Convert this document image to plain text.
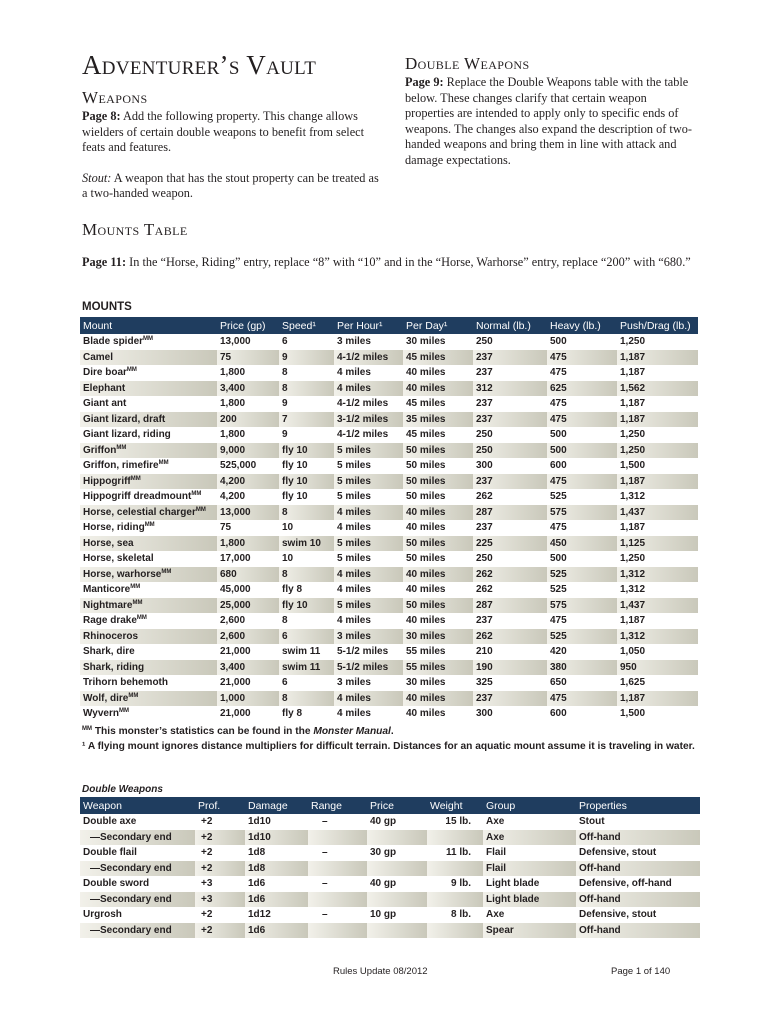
Adventurer’s Vault
Weapons

Page 8: Add the following property. This change allows wielders of certain double weapons to benefit from select feats and features.

Stout: A weapon that has the stout property can be treated as a two-handed weapon.

Double Weapons

Page 9: Replace the Double Weapons table with the table below. These changes clarify that certain weapon properties are intended to apply only to specific ends of weapons. The changes also expand the description of two-handed weapons and bring them in line with attack and damage expectations.

Mounts Table

Page 11: In the “Horse, Riding” entry, replace “8” with “10” and in the “Horse, Warhorse” entry, replace “200” with “680.”

MOUNTS
Mount	Price (gp)	Speed¹	Per Hour¹	Per Day¹	Normal (lb.)	Heavy (lb.)	Push/Drag (lb.)
Blade spider$^{MM}$	13,000	6	3 miles	30 miles	250	500	1,250
Camel	75	9	4-1/2 miles	45 miles	237	475	1,187
Dire boar$^{MM}$	1,800	8	4 miles	40 miles	237	475	1,187
Elephant	3,400	8	4 miles	40 miles	312	625	1,562
Giant ant	1,800	9	4-1/2 miles	45 miles	237	475	1,187
Giant lizard, draft	200	7	3-1/2 miles	35 miles	237	475	1,187
Giant lizard, riding	1,800	9	4-1/2 miles	45 miles	250	500	1,250
Griffon$^{MM}$	9,000	fly 10	5 miles	50 miles	250	500	1,250
Griffon, rimefire$^{MM}$	525,000	fly 10	5 miles	50 miles	300	600	1,500
Hippogriff$^{MM}$	4,200	fly 10	5 miles	50 miles	237	475	1,187
Hippogriff dreadmount$^{MM}$	4,200	fly 10	5 miles	50 miles	262	525	1,312
Horse, celestial charger$^{MM}$	13,000	8	4 miles	40 miles	287	575	1,437
Horse, riding$^{MM}$	75	10	4 miles	40 miles	237	475	1,187
Horse, sea	1,800	swim 10	5 miles	50 miles	225	450	1,125
Horse, skeletal	17,000	10	5 miles	50 miles	250	500	1,250
Horse, warhorse$^{MM}$	680	8	4 miles	40 miles	262	525	1,312
Manticore$^{MM}$	45,000	fly 8	4 miles	40 miles	262	525	1,312
Nightmare$^{MM}$	25,000	fly 10	5 miles	50 miles	287	575	1,437
Rage drake$^{MM}$	2,600	8	4 miles	40 miles	237	475	1,187
Rhinoceros	2,600	6	3 miles	30 miles	262	525	1,312
Shark, dire	21,000	swim 11	5-1/2 miles	55 miles	210	420	1,050
Shark, riding	3,400	swim 11	5-1/2 miles	55 miles	190	380	950
Trihorn behemoth	21,000	6	3 miles	30 miles	325	650	1,625
Wolf, dire$^{MM}$	1,000	8	4 miles	40 miles	237	475	1,187
Wyvern$^{MM}$	21,000	fly 8	4 miles	40 miles	300	600	1,500
$^{MM}$ This monster’s statistics can be found in the Monster Manual.
¹ A flying mount ignores distance multipliers for difficult terrain. Distances for an aquatic mount assume it is traveling in water.
Double Weapons
Weapon	Prof.	Damage	Range	Price	Weight	Group	Properties
Double axe	+2	1d10	–	40 gp	15 lb.	Axe	Stout
—Secondary end	+2	1d10				Axe	Off-hand
Double flail	+2	1d8	–	30 gp	11 lb.	Flail	Defensive, stout
—Secondary end	+2	1d8				Flail	Off-hand
Double sword	+3	1d6	–	40 gp	9 lb.	Light blade	Defensive, off-hand
—Secondary end	+3	1d6				Light blade	Off-hand
Urgrosh	+2	1d12	–	10 gp	8 lb.	Axe	Defensive, stout
—Secondary end	+2	1d6				Spear	Off-hand
Rules Update 08/2012	Page 1 of 140
